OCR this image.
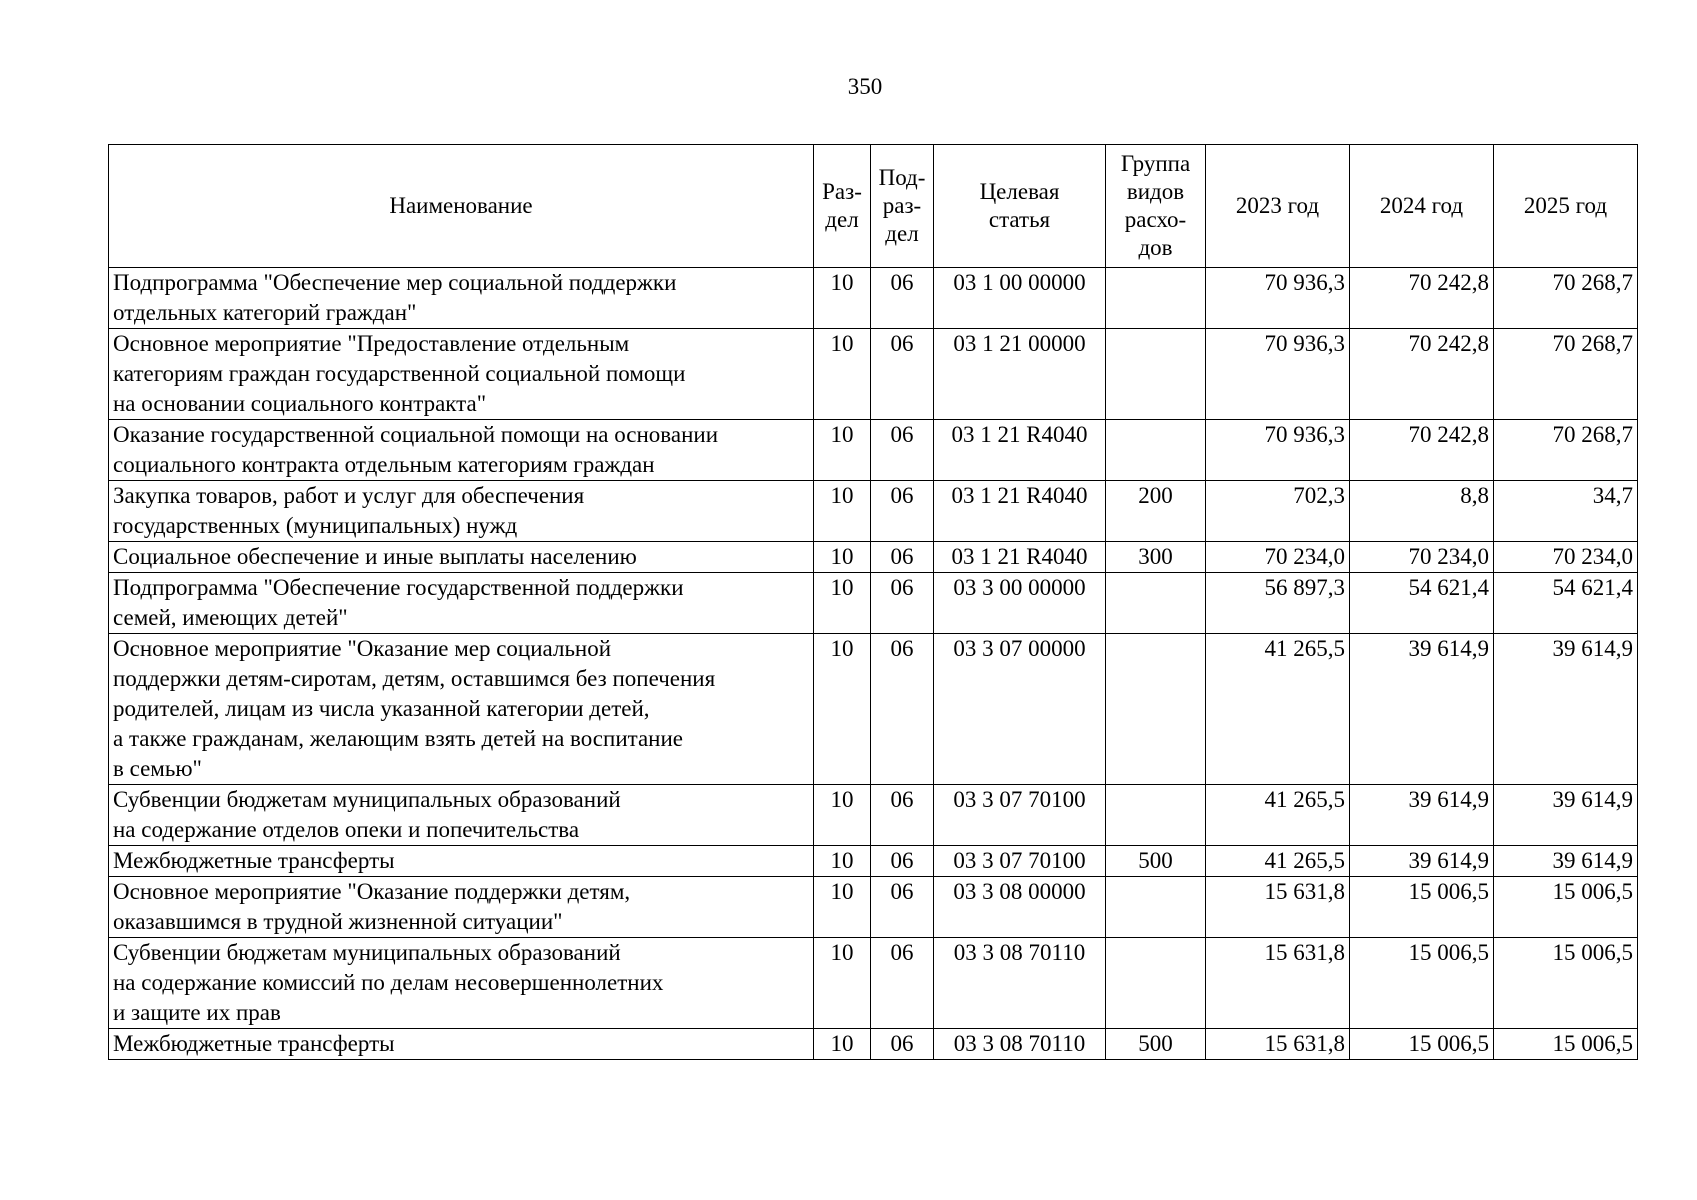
350
Наименование	Раз-
дел	Под-
раз-
дел	Целевая
статья	Группа
видов
расхо-
дов	2023 год	2024 год	2025 год

Подпрограмма "Обеспечение мер социальной поддержки
отдельных категорий граждан"	10	06	03 1 00 00000		70 936,3	70 242,8	70 268,7

Основное мероприятие "Предоставление отдельным
категориям граждан государственной социальной помощи
на основании социального контракта"	10	06	03 1 21 00000		70 936,3	70 242,8	70 268,7

Оказание государственной социальной помощи на основании
социального контракта отдельным категориям граждан	10	06	03 1 21 R4040		70 936,3	70 242,8	70 268,7

Закупка товаров, работ и услуг для обеспечения
государственных (муниципальных) нужд	10	06	03 1 21 R4040	200	702,3	8,8	34,7

Социальное обеспечение и иные выплаты населению	10	06	03 1 21 R4040	300	70 234,0	70 234,0	70 234,0

Подпрограмма "Обеспечение государственной поддержки
семей, имеющих детей"	10	06	03 3 00 00000		56 897,3	54 621,4	54 621,4

Основное мероприятие "Оказание мер социальной
поддержки детям-сиротам, детям, оставшимся без попечения
родителей, лицам из числа указанной категории детей,
а также гражданам, желающим взять детей на воспитание
в семью"	10	06	03 3 07 00000		41 265,5	39 614,9	39 614,9

Субвенции бюджетам муниципальных образований
на содержание отделов опеки и попечительства	10	06	03 3 07 70100		41 265,5	39 614,9	39 614,9

Межбюджетные трансферты	10	06	03 3 07 70100	500	41 265,5	39 614,9	39 614,9

Основное мероприятие "Оказание поддержки детям,
оказавшимся в трудной жизненной ситуации"	10	06	03 3 08 00000		15 631,8	15 006,5	15 006,5

Субвенции бюджетам муниципальных образований
на содержание комиссий по делам несовершеннолетних
и защите их прав	10	06	03 3 08 70110		15 631,8	15 006,5	15 006,5

Межбюджетные трансферты	10	06	03 3 08 70110	500	15 631,8	15 006,5	15 006,5
